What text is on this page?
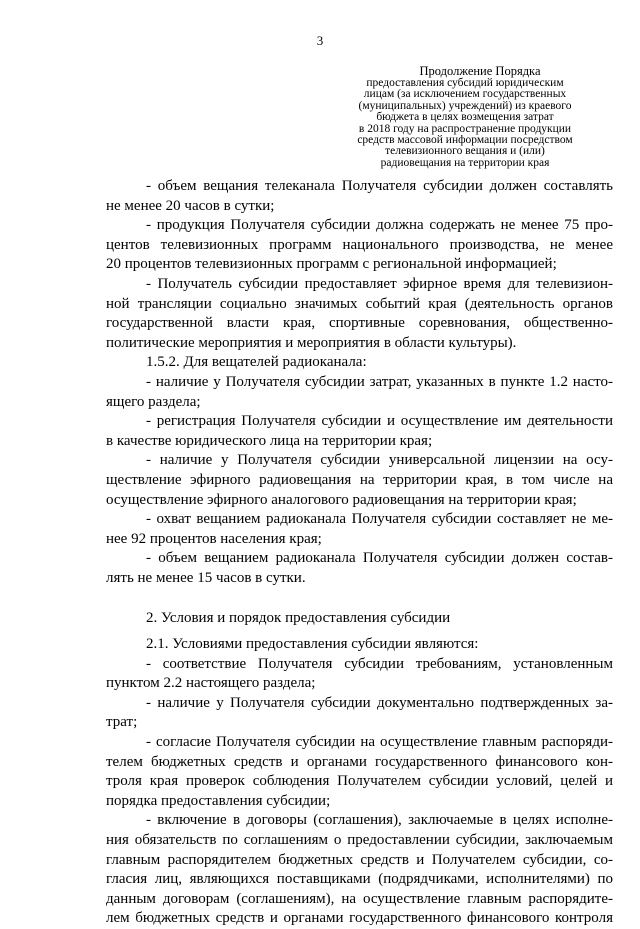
3
Продолжение Порядка
предоставления субсидий юридическим
лицам (за исключением государственных
(муниципальных) учреждений) из краевого
бюджета в целях возмещения затрат
в 2018 году на распространение продукции
средств массовой информации посредством
телевизионного вещания и (или)
радиовещания на территории края
- объем вещания телеканала Получателя субсидии должен составлять
не менее 20 часов в сутки;
- продукция Получателя субсидии должна содержать не менее 75 про-
центов телевизионных программ национального производства, не менее
20 процентов телевизионных программ с региональной информацией;
- Получатель субсидии предоставляет эфирное время для телевизион-
ной трансляции социально значимых событий края (деятельность органов
государственной власти края, спортивные соревнования, общественно-
политические мероприятия и мероприятия в области культуры).
1.5.2. Для вещателей радиоканала:
- наличие у Получателя субсидии затрат, указанных в пункте 1.2 насто-
ящего раздела;
- регистрация Получателя субсидии и осуществление им деятельности
в качестве юридического лица на территории края;
- наличие у Получателя субсидии универсальной лицензии на осу-
ществление эфирного радиовещания на территории края, в том числе на
осуществление эфирного аналогового радиовещания на территории края;
- охват вещанием радиоканала Получателя субсидии составляет не ме-
нее 92 процентов населения края;
- объем вещанием радиоканала Получателя субсидии должен состав-
лять не менее 15 часов в сутки.
2. Условия и порядок предоставления субсидии
2.1. Условиями предоставления субсидии являются:
- соответствие Получателя субсидии требованиям, установленным
пунктом 2.2 настоящего раздела;
- наличие у Получателя субсидии документально подтвержденных за-
трат;
- согласие Получателя субсидии на осуществление главным распоряди-
телем бюджетных средств и органами государственного финансового кон-
троля края проверок соблюдения Получателем субсидии условий, целей и
порядка предоставления субсидии;
- включение в договоры (соглашения), заключаемые в целях исполне-
ния обязательств по соглашениям о предоставлении субсидии, заключаемым
главным распорядителем бюджетных средств и Получателем субсидии, со-
гласия лиц, являющихся поставщиками (подрядчиками, исполнителями) по
данным договорам (соглашениям), на осуществление главным распорядите-
лем бюджетных средств и органами государственного финансового контроля
